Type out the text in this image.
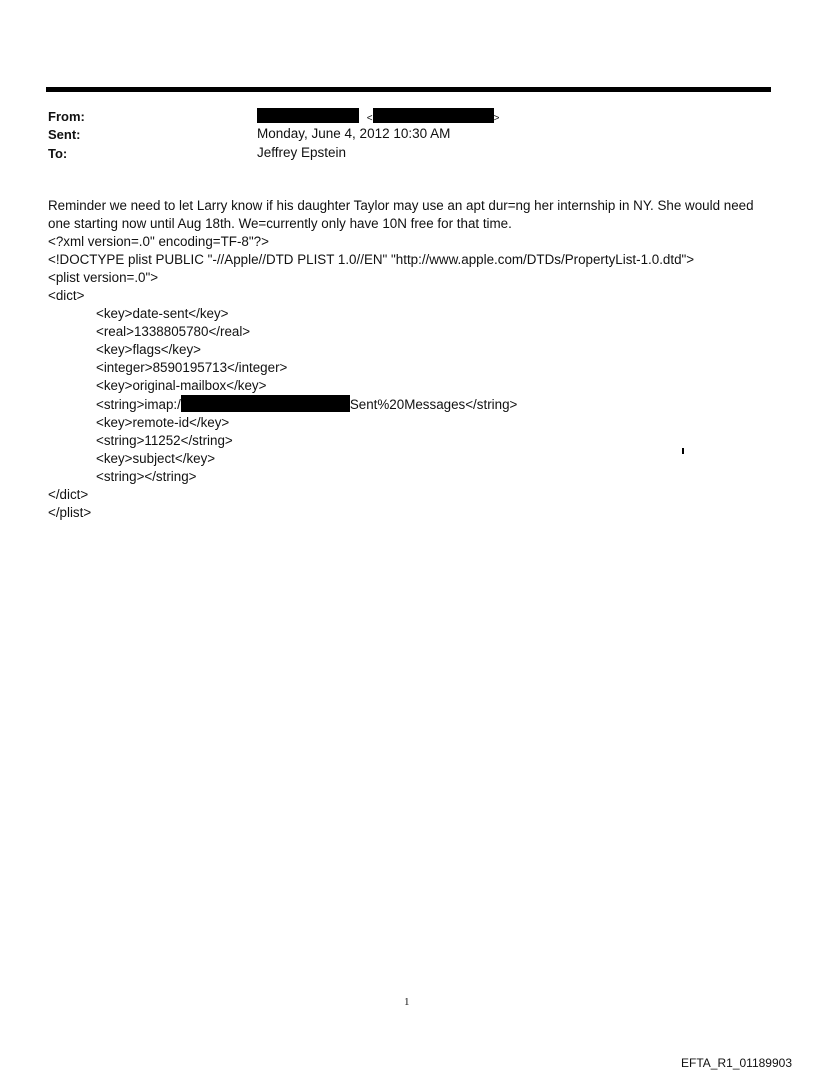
From:	<	>
Sent:	Monday, June 4, 2012 10:30 AM
To:	Jeffrey Epstein

Reminder we need to let Larry know if his daughter Taylor may use an apt dur=ng her internship in NY. She would need

one starting now until Aug 18th. We=currently only have 10N free for that time.

<?xml version=.0" encoding=TF-8"?>

<!DOCTYPE plist PUBLIC "-//Apple//DTD PLIST 1.0//EN" "http://www.apple.com/DTDs/PropertyList-1.0.dtd">

<plist version=.0">

<dict>

<key>date-sent</key>

<real>1338805780</real>

<key>flags</key>

<integer>8590195713</integer>

<key>original-mailbox</key>

<string>imap:/	Sent%20Messages</string>

<key>remote-id</key>

<string>11252</string>

<key>subject</key>

<string></string>

</dict>

</plist>

1
EFTA_R1_01189903
